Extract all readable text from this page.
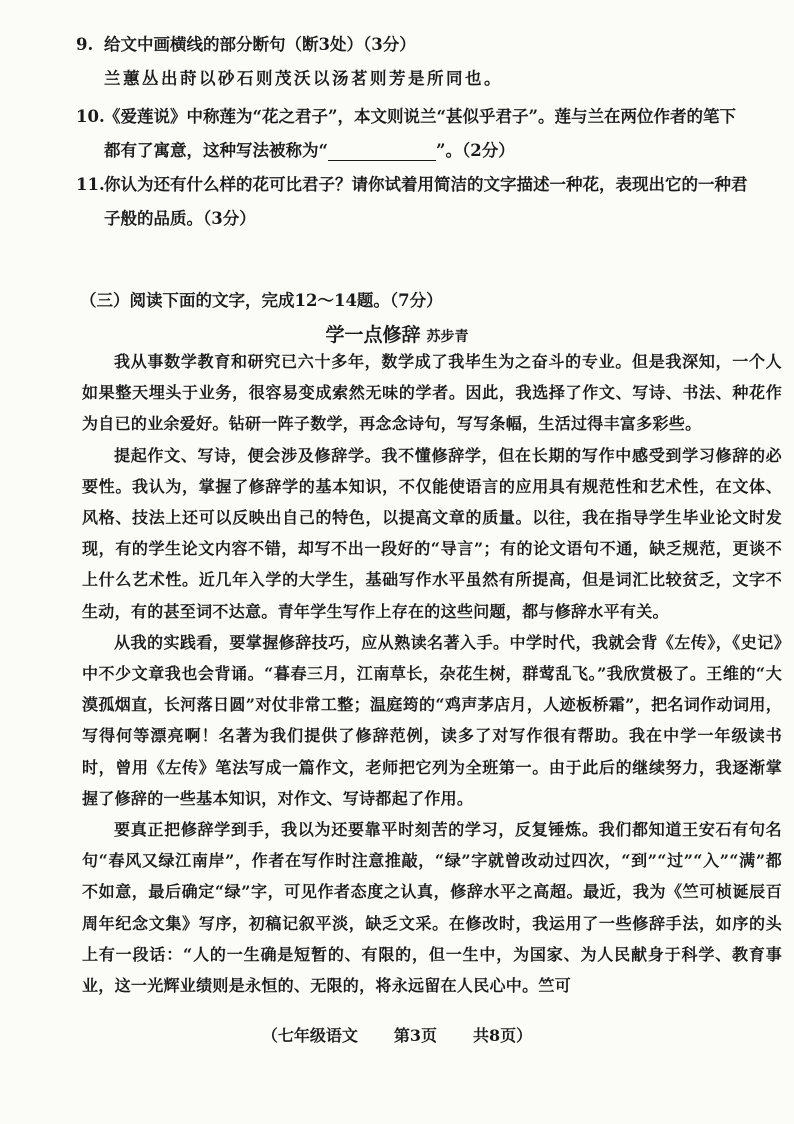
9. 给文中画横线的部分断句（断3处）（3分）
兰蕙丛出莳以砂石则茂沃以汤茗则芳是所同也。
10.《爱莲说》中称莲为“花之君子”，本文则说兰“甚似乎君子”。莲与兰在两位作者的笔下
都有了寓意，这种写法被称为“	”。（2分）
11.你认为还有什么样的花可比君子？请你试着用简洁的文字描述一种花，表现出它的一种君
子般的品质。（3分）
（三）阅读下面的文字，完成12～14题。（7分）
学一点修辞 苏步青

我从事数学教育和研究已六十多年，数学成了我毕生为之奋斗的专业。但是我深知，一个人如果整天埋头于业务，很容易变成索然无味的学者。因此，我选择了作文、写诗、书法、种花作为自已的业余爱好。钻研一阵子数学，再念念诗句，写写条幅，生活过得丰富多彩些。

提起作文、写诗，便会涉及修辞学。我不懂修辞学，但在长期的写作中感受到学习修辞的必要性。我认为，掌握了修辞学的基本知识，不仅能使语言的应用具有规范性和艺术性，在文体、风格、技法上还可以反映出自己的特色，以提高文章的质量。以往，我在指导学生毕业论文时发现，有的学生论文内容不错，却写不出一段好的“导言”；有的论文语句不通，缺乏规范，更谈不上什么艺术性。近几年入学的大学生，基础写作水平虽然有所提高，但是词汇比较贫乏，文字不生动，有的甚至词不达意。青年学生写作上存在的这些问题，都与修辞水平有关。

从我的实践看，要掌握修辞技巧，应从熟读名著入手。中学时代，我就会背《左传》，《史记》中不少文章我也会背诵。“暮春三月，江南草长，杂花生树，群莺乱飞。”我欣赏极了。王维的“大漠孤烟直，长河落日圆”对仗非常工整；温庭筠的“鸡声茅店月，人迹板桥霜”，把名词作动词用，写得何等漂亮啊！名著为我们提供了修辞范例，读多了对写作很有帮助。我在中学一年级读书时，曾用《左传》笔法写成一篇作文，老师把它列为全班第一。由于此后的继续努力，我逐渐掌握了修辞的一些基本知识，对作文、写诗都起了作用。

要真正把修辞学到手，我以为还要靠平时刻苦的学习，反复锤炼。我们都知道王安石有句名句“春风又绿江南岸”，作者在写作时注意推敲，“绿”字就曾改动过四次，“到”“过”“入”“满”都不如意，最后确定“绿”字，可见作者态度之认真，修辞水平之高超。最近，我为《竺可桢诞辰百周年纪念文集》写序，初稿记叙平淡，缺乏文采。在修改时，我运用了一些修辞手法，如序的头上有一段话：“人的一生确是短暂的、有限的，但一生中，为国家、为人民献身于科学、教育事业，这一光辉业绩则是永恒的、无限的，将永远留在人民心中。竺可

（七年级语文 第3页 共8页）
